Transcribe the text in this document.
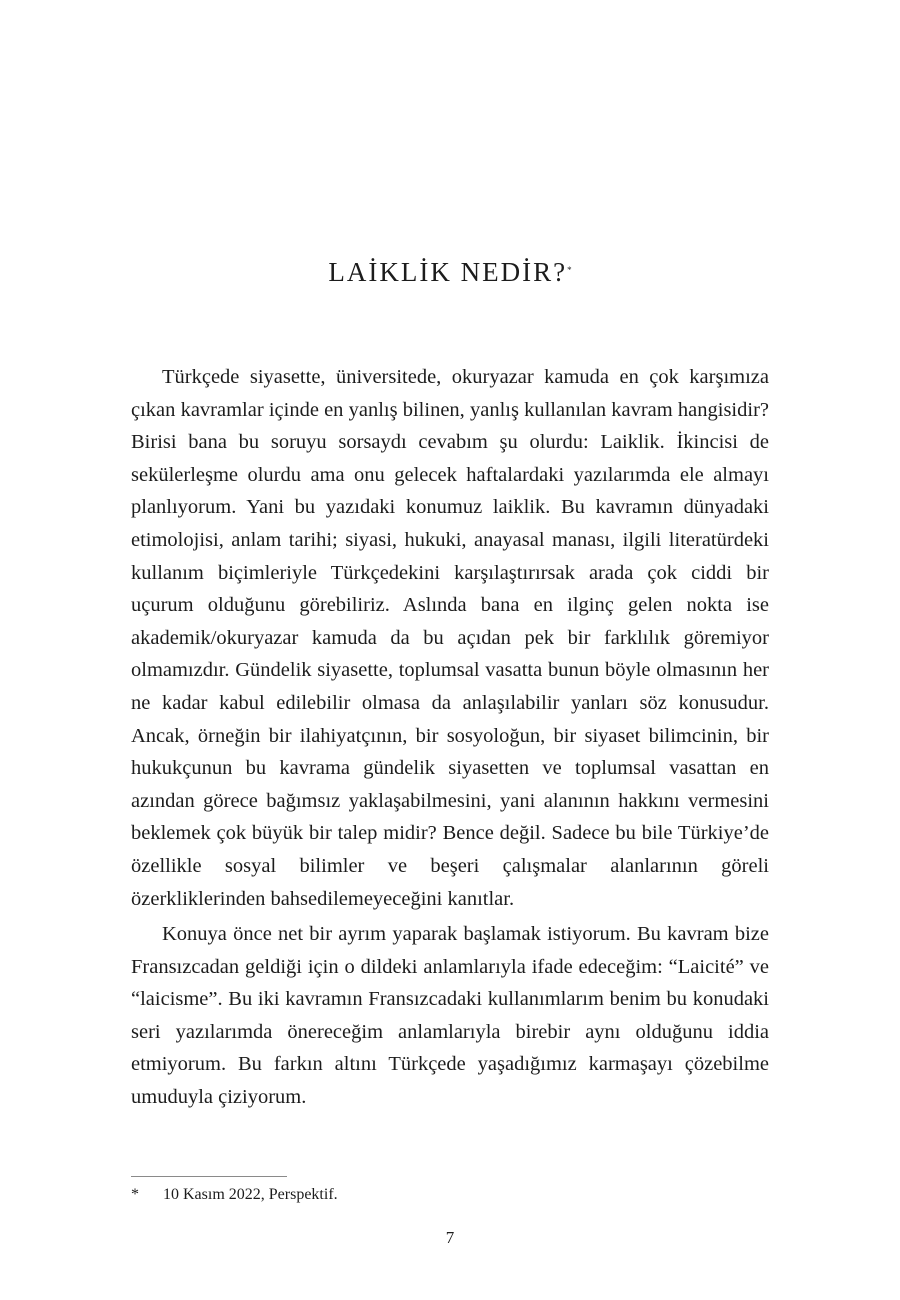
LAİKLİK NEDİR?*

Türkçede siyasette, üniversitede, okuryazar kamuda en çok karşımıza çıkan kavramlar içinde en yanlış bilinen, yanlış kullanılan kavram hangisidir? Birisi bana bu soruyu sorsaydı cevabım şu olurdu: Laiklik. İkincisi de sekülerleşme olurdu ama onu gelecek haftalardaki yazılarımda ele almayı planlıyorum. Yani bu yazıdaki konumuz laiklik. Bu kavramın dünyadaki etimolojisi, anlam tarihi; siyasi, hukuki, anayasal manası, ilgili literatürdeki kullanım biçimleriyle Türkçedekini karşılaştırırsak arada çok ciddi bir uçurum olduğunu görebiliriz. Aslında bana en ilginç gelen nokta ise akademik/okuryazar kamuda da bu açıdan pek bir farklılık göremiyor olmamızdır. Gündelik siyasette, toplumsal vasatta bunun böyle olmasının her ne kadar kabul edilebilir olmasa da anlaşılabilir yanları söz konusudur. Ancak, örneğin bir ilahiyatçının, bir sosyoloğun, bir siyaset bilimcinin, bir hukukçunun bu kavrama gündelik siyasetten ve toplumsal vasattan en azından görece bağımsız yaklaşabilmesini, yani alanının hakkını vermesini beklemek çok büyük bir talep midir? Bence değil. Sadece bu bile Türkiye’de özellikle sosyal bilimler ve beşeri çalışmalar alanlarının göreli özerkliklerinden bahsedilemeyeceğini kanıtlar.

Konuya önce net bir ayrım yaparak başlamak istiyorum. Bu kavram bize Fransızcadan geldiği için o dildeki anlamlarıyla ifade edeceğim: “Laicité” ve “laicisme”. Bu iki kavramın Fransızcadaki kullanımlarım benim bu konudaki seri yazılarımda önereceğim anlamlarıyla birebir aynı olduğunu iddia etmiyorum. Bu farkın altını Türkçede yaşadığımız karmaşayı çözebilme umuduyla çiziyorum.

* 10 Kasım 2022, Perspektif.
7
